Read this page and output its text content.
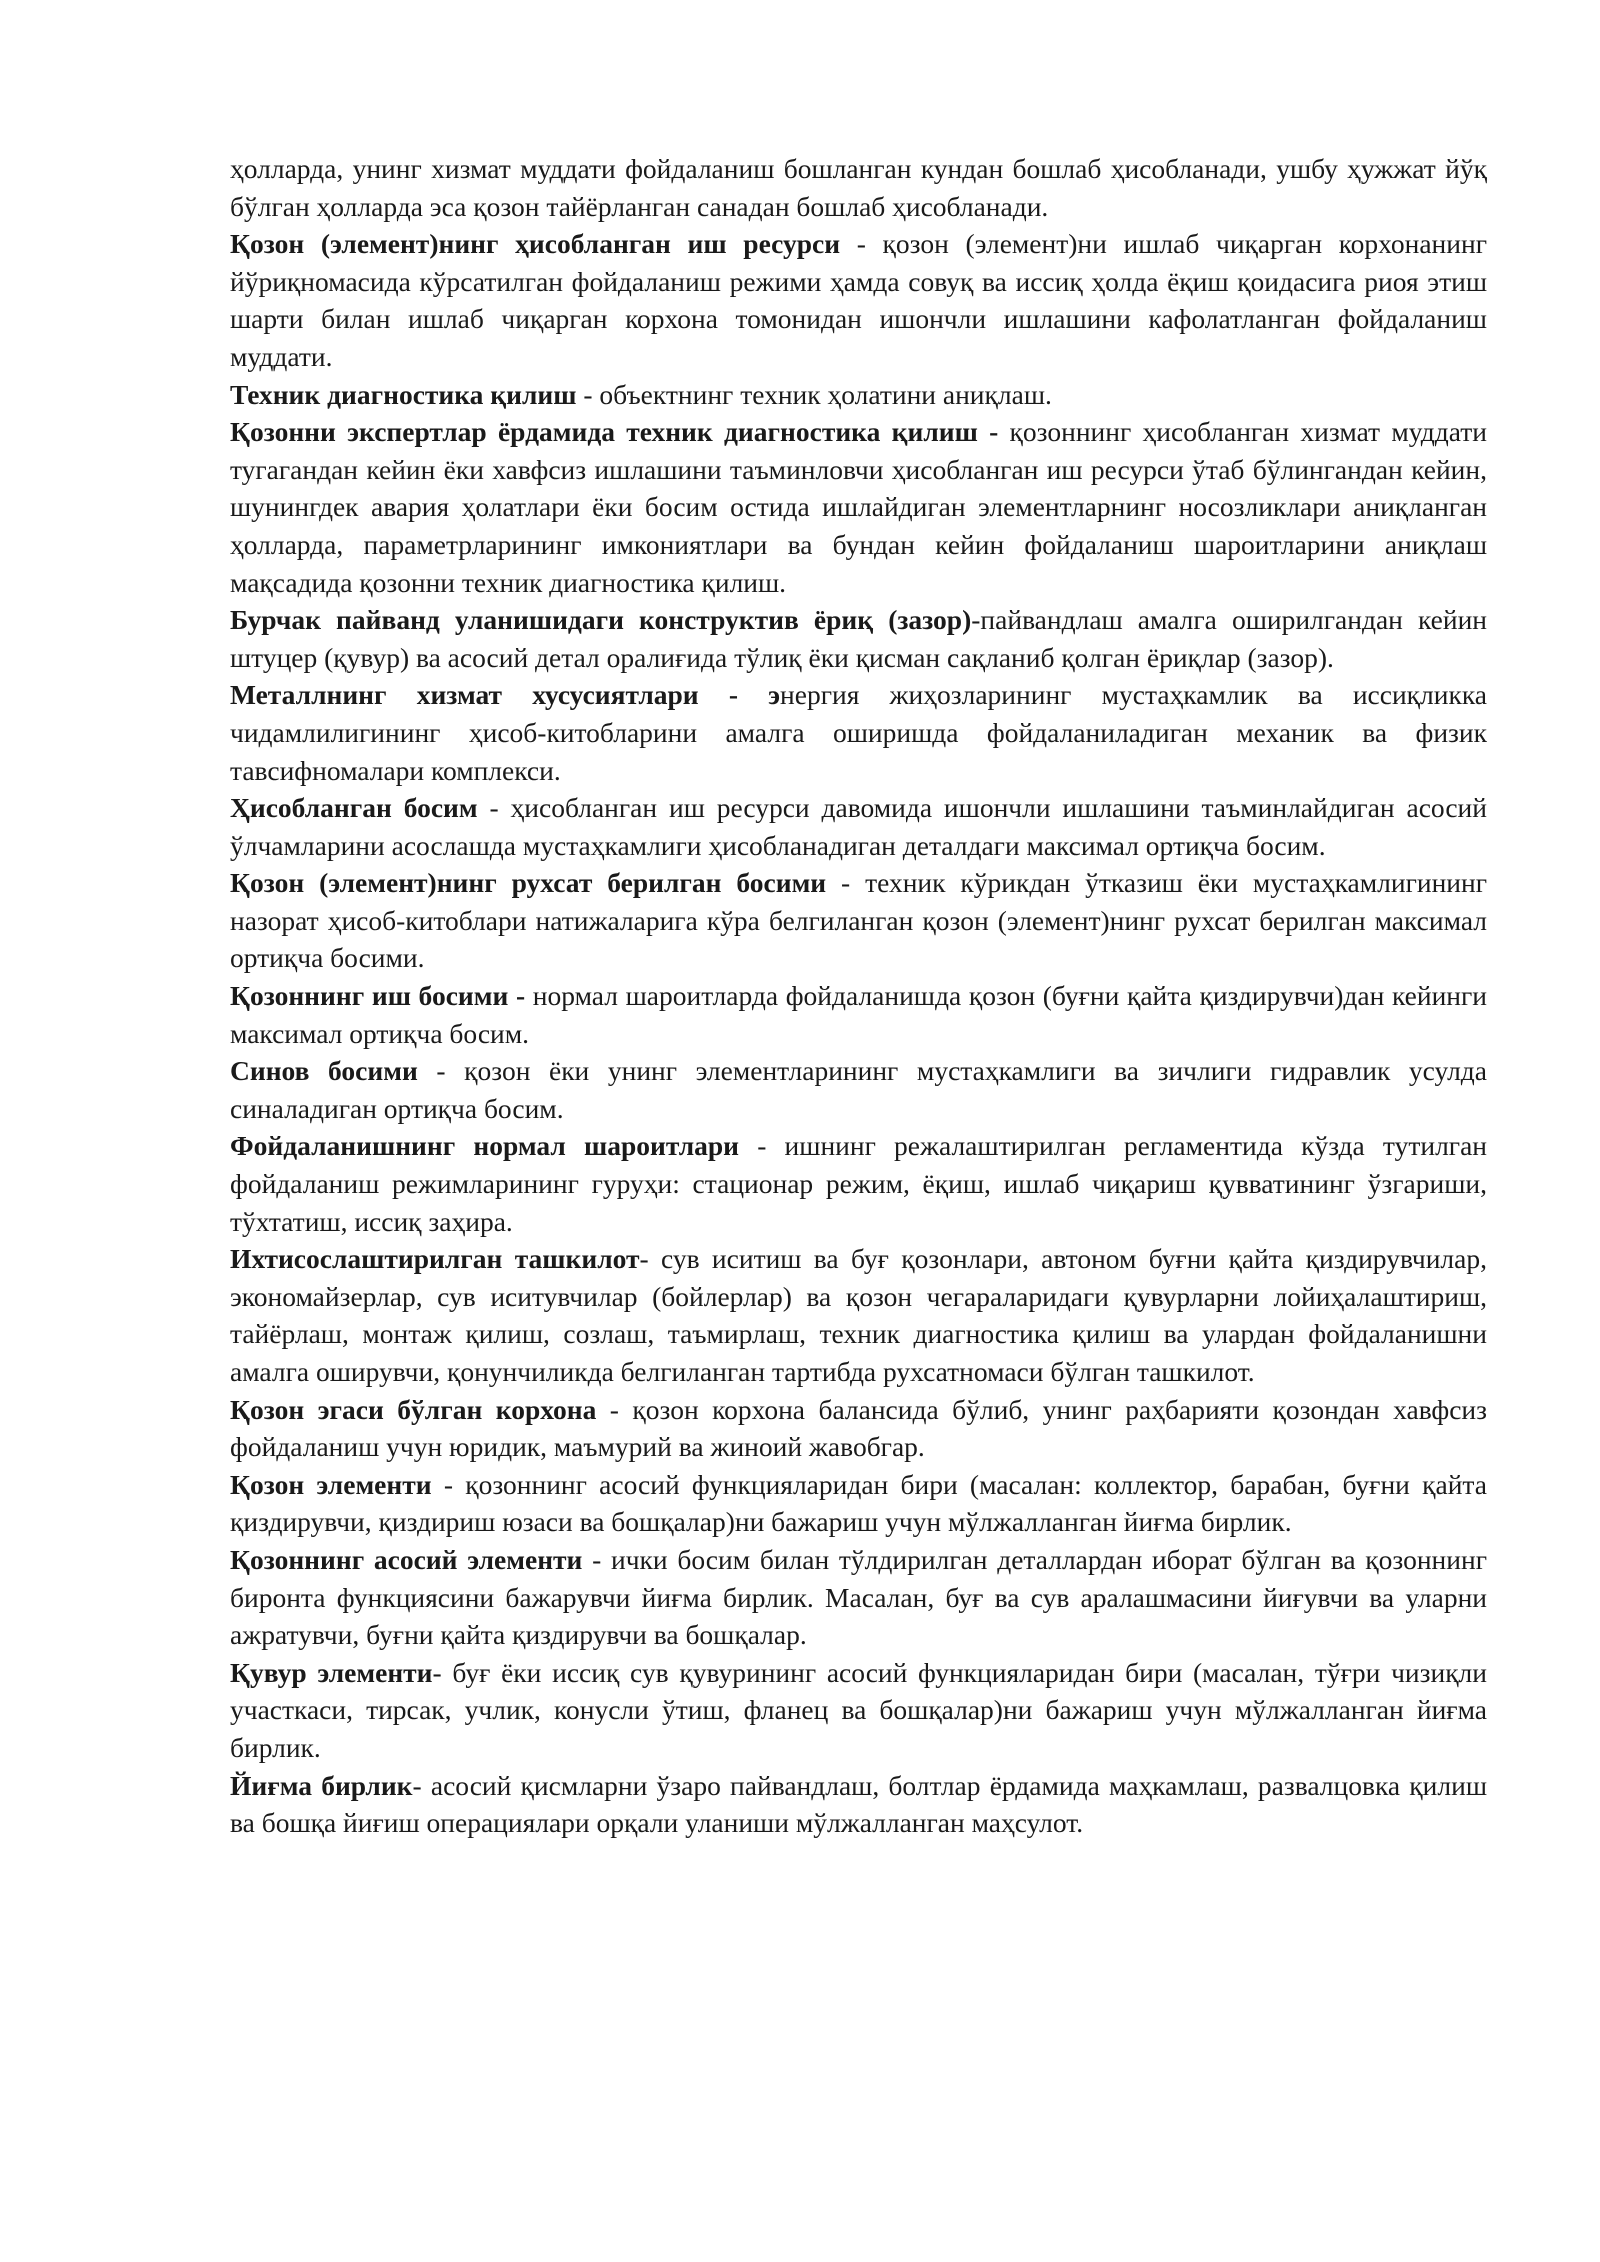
ҳолларда, унинг хизмат муддати фойдаланиш бошланган кундан бошлаб ҳисобланади, ушбу ҳужжат йўқ бўлган ҳолларда эса қозон тайёрланган санадан бошлаб ҳисобланади.

Қозон (элемент)нинг ҳисобланган иш ресурси - қозон (элемент)ни ишлаб чиқарган корхонанинг йўриқномасида кўрсатилган фойдаланиш режими ҳамда совуқ ва иссиқ ҳолда ёқиш қоидасига риоя этиш шарти билан ишлаб чиқарган корхона томонидан ишончли ишлашини кафолатланган фойдаланиш муддати.

Техник диагностика қилиш - объектнинг техник ҳолатини аниқлаш.

Қозонни экспертлар ёрдамида техник диагностика қилиш - қозоннинг ҳисобланган хизмат муддати тугагандан кейин ёки хавфсиз ишлашини таъминловчи ҳисобланган иш ресурси ўтаб бўлингандан кейин, шунингдек авария ҳолатлари ёки босим остида ишлайдиган элементларнинг носозликлари аниқланган ҳолларда, параметрларининг имкониятлари ва бундан кейин фойдаланиш шароитларини аниқлаш мақсадида қозонни техник диагностика қилиш.

Бурчак пайванд уланишидаги конструктив ёриқ (зазор)-пайвандлаш амалга оширилгандан кейин штуцер (қувур) ва асосий детал оралиғида тўлиқ ёки қисман сақланиб қолган ёриқлар (зазор).

Металлнинг хизмат хусусиятлари - энергия жиҳозларининг мустаҳкамлик ва иссиқликка чидамлилигининг ҳисоб-китобларини амалга оширишда фойдаланиладиган механик ва физик тавсифномалари комплекси.

Ҳисобланган босим - ҳисобланган иш ресурси давомида ишончли ишлашини таъминлайдиган асосий ўлчамларини асослашда мустаҳкамлиги ҳисобланадиган деталдаги максимал ортиқча босим.

Қозон (элемент)нинг рухсат берилган босими - техник кўрикдан ўтказиш ёки мустаҳкамлигининг назорат ҳисоб-китоблари натижаларига кўра белгиланган қозон (элемент)нинг рухсат берилган максимал ортиқча босими.

Қозоннинг иш босими - нормал шароитларда фойдаланишда қозон (буғни қайта қиздирувчи)дан кейинги максимал ортиқча босим.

Синов босими - қозон ёки унинг элементларининг мустаҳкамлиги ва зичлиги гидравлик усулда синаладиган ортиқча босим.

Фойдаланишнинг нормал шароитлари - ишнинг режалаштирилган регламентида кўзда тутилган фойдаланиш режимларининг гуруҳи: стационар режим, ёқиш, ишлаб чиқариш қувватининг ўзгариши, тўхтатиш, иссиқ заҳира.

Ихтисослаштирилган ташкилот- сув иситиш ва буғ қозонлари, автоном буғни қайта қиздирувчилар, экономайзерлар, сув иситувчилар (бойлерлар) ва қозон чегараларидаги қувурларни лойиҳалаштириш, тайёрлаш, монтаж қилиш, созлаш, таъмирлаш, техник диагностика қилиш ва улардан фойдаланишни амалга оширувчи, қонунчиликда белгиланган тартибда рухсатномаси бўлган ташкилот.

Қозон эгаси бўлган корхона - қозон корхона балансида бўлиб, унинг раҳбарияти қозондан хавфсиз фойдаланиш учун юридик, маъмурий ва жиноий жавобгар.

Қозон элементи - қозоннинг асосий функцияларидан бири (масалан: коллектор, барабан, буғни қайта қиздирувчи, қиздириш юзаси ва бошқалар)ни бажариш учун мўлжалланган йиғма бирлик.

Қозоннинг асосий элементи - ички босим билан тўлдирилган деталлардан иборат бўлган ва қозоннинг биронта функциясини бажарувчи йиғма бирлик. Масалан, буғ ва сув аралашмасини йиғувчи ва уларни ажратувчи, буғни қайта қиздирувчи ва бошқалар.

Қувур элементи- буғ ёки иссиқ сув қувурининг асосий функцияларидан бири (масалан, тўғри чизиқли участкаси, тирсак, учлик, конусли ўтиш, фланец ва бошқалар)ни бажариш учун мўлжалланган йиғма бирлик.

Йиғма бирлик- асосий қисмларни ўзаро пайвандлаш, болтлар ёрдамида маҳкамлаш, развалцовка қилиш ва бошқа йиғиш операциялари орқали уланиши мўлжалланган маҳсулот.
